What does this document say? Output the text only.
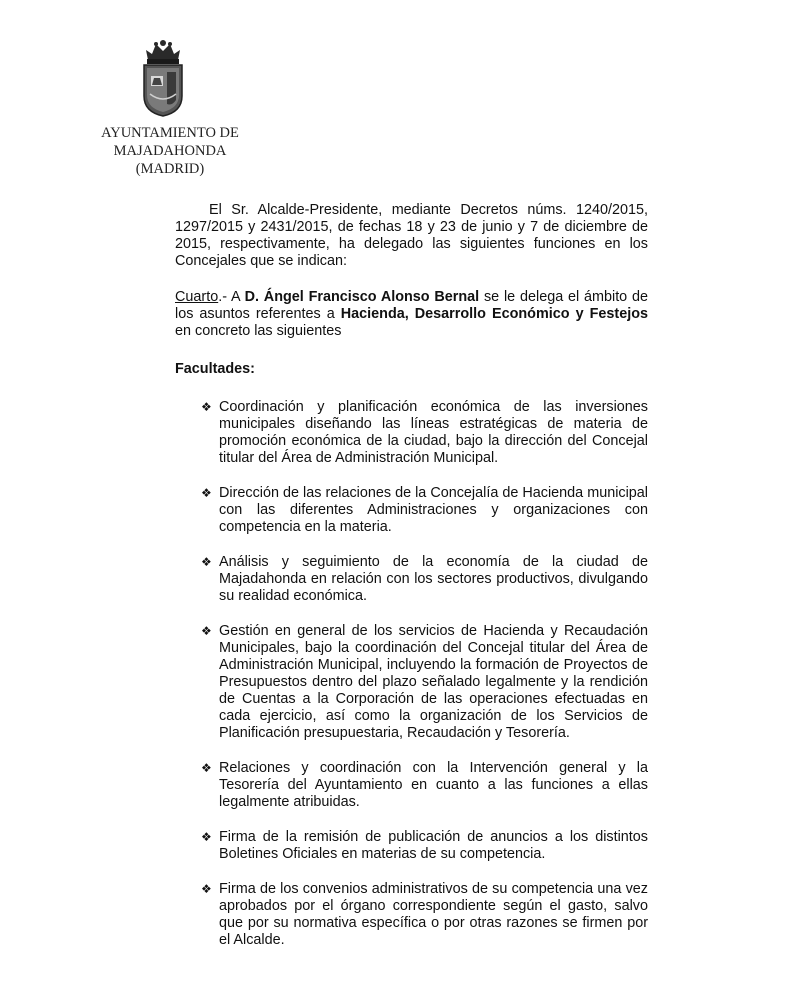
AYUNTAMIENTO DE
MAJADAHONDA
(MADRID)

El Sr. Alcalde-Presidente, mediante Decretos núms. 1240/2015, 1297/2015 y 2431/2015, de fechas 18 y 23 de junio y 7 de diciembre de 2015, respectivamente, ha delegado las siguientes funciones en los Concejales que se indican:

Cuarto.- A D. Ángel Francisco Alonso Bernal se le delega el ámbito de los asuntos referentes a Hacienda, Desarrollo Económico y Festejos en concreto las siguientes

Facultades:

❖ Coordinación y planificación económica de las inversiones municipales diseñando las líneas estratégicas de materia de promoción económica de la ciudad, bajo la dirección del Concejal titular del Área de Administración Municipal.
❖ Dirección de las relaciones de la Concejalía de Hacienda municipal con las diferentes Administraciones y organizaciones con competencia en la materia.
❖ Análisis y seguimiento de la economía de la ciudad de Majadahonda en relación con los sectores productivos, divulgando su realidad económica.
❖ Gestión en general de los servicios de Hacienda y Recaudación Municipales, bajo la coordinación del Concejal titular del Área de Administración Municipal, incluyendo la formación de Proyectos de Presupuestos dentro del plazo señalado legalmente y la rendición de Cuentas a la Corporación de las operaciones efectuadas en cada ejercicio, así como la organización de los Servicios de Planificación presupuestaria, Recaudación y Tesorería.
❖ Relaciones y coordinación con la Intervención general y la Tesorería del Ayuntamiento en cuanto a las funciones a ellas legalmente atribuidas.
❖ Firma de la remisión de publicación de anuncios a los distintos Boletines Oficiales en materias de su competencia.
❖ Firma de los convenios administrativos de su competencia una vez aprobados por el órgano correspondiente según el gasto, salvo que por su normativa específica o por otras razones se firmen por el Alcalde.
